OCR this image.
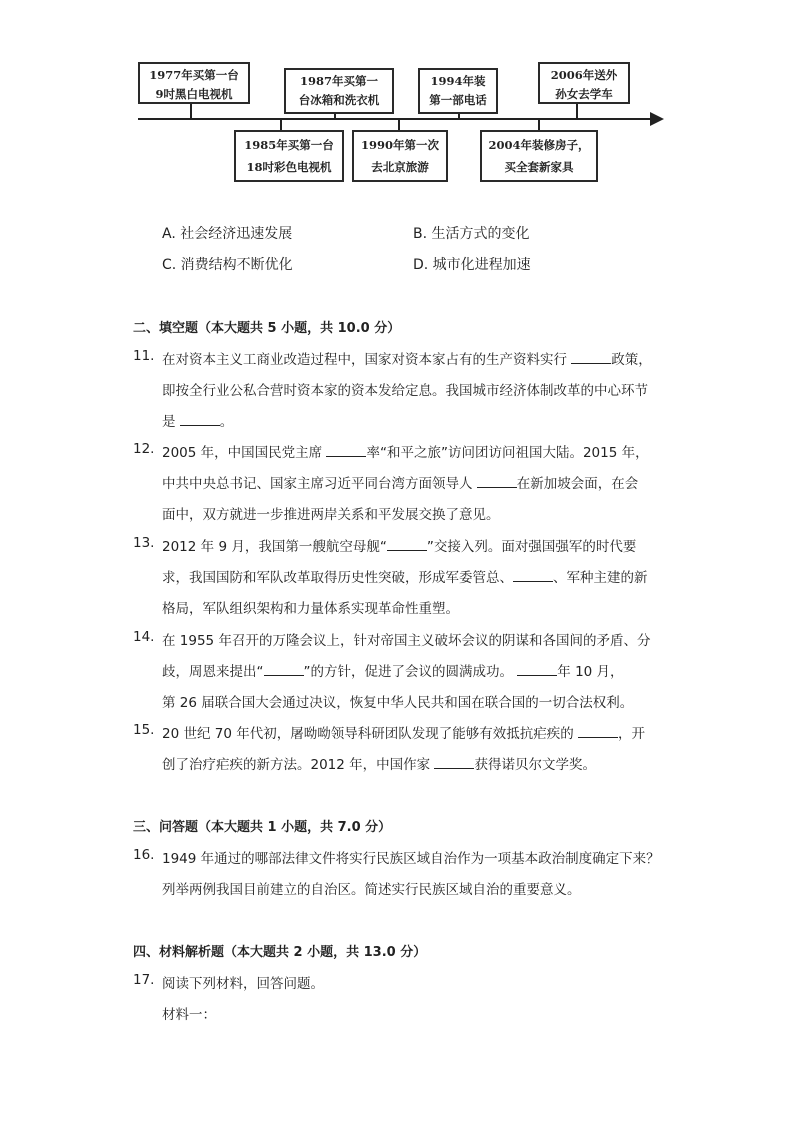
1977年买第一台
9吋黑白电视机
1987年买第一
台冰箱和洗衣机
1994年装
第一部电话
2006年送外
孙女去学车
1985年买第一台
18吋彩色电视机
1990年第一次
去北京旅游
2004年装修房子，
买全套新家具
A. 社会经济迅速发展	B. 生活方式的变化
C. 消费结构不断优化	D. 城市化进程加速
二、填空题（本大题共 5 小题，共 10.0 分）
11. 在对资本主义工商业改造过程中，国家对资本家占有的生产资料实行	政策，
即按全行业公私合营时资本家的资本发给定息。我国城市经济体制改革的中心环节
是	。
12. 2005 年，中国国民党主席	率“和平之旅”访问团访问祖国大陆。2015 年，
中共中央总书记、国家主席习近平同台湾方面领导人	在新加坡会面，在会
面中，双方就进一步推进两岸关系和平发展交换了意见。
13. 2012 年 9 月，我国第一艘航空母舰“	”交接入列。面对强国强军的时代要
求，我国国防和军队改革取得历史性突破，形成军委管总、	、军种主建的新
格局，军队组织架构和力量体系实现革命性重塑。
14. 在 1955 年召开的万隆会议上，针对帝国主义破坏会议的阴谋和各国间的矛盾、分
歧，周恩来提出“	”的方针，促进了会议的圆满成功。	年 10 月，
第 26 届联合国大会通过决议，恢复中华人民共和国在联合国的一切合法权利。
15. 20 世纪 70 年代初，屠呦呦领导科研团队发现了能够有效抵抗疟疾的	，开
创了治疗疟疾的新方法。2012 年，中国作家	获得诺贝尔文学奖。
三、问答题（本大题共 1 小题，共 7.0 分）
16. 1949 年通过的哪部法律文件将实行民族区域自治作为一项基本政治制度确定下来？
列举两例我国目前建立的自治区。简述实行民族区域自治的重要意义。
四、材料解析题（本大题共 2 小题，共 13.0 分）
17. 阅读下列材料，回答问题。
材料一：
